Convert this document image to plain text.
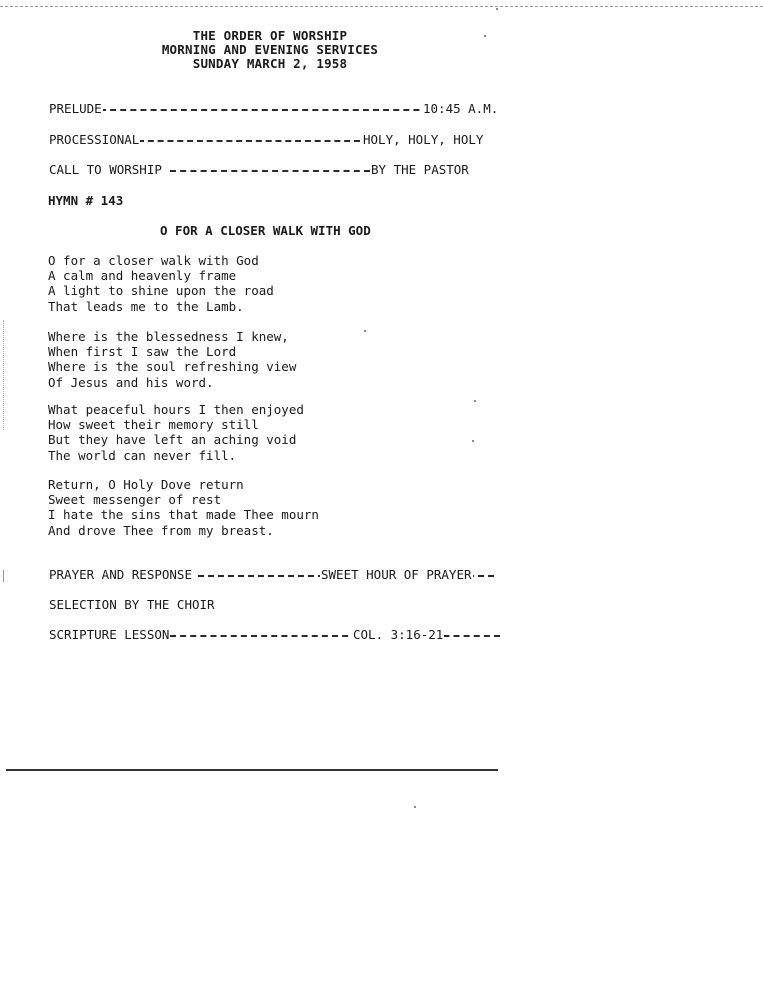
THE ORDER OF WORSHIP
MORNING AND EVENING SERVICES
SUNDAY MARCH 2, 1958
PRELUDE	10:45 A.M.
PROCESSIONAL	HOLY, HOLY, HOLY
CALL TO WORSHIP	BY THE PASTOR
HYMN # 143
O FOR A CLOSER WALK WITH GOD
O for a closer walk with God
A calm and heavenly frame
A light to shine upon the road
That leads me to the Lamb.
Where is the blessedness I knew,
When first I saw the Lord
Where is the soul refreshing view
Of Jesus and his word.
What peaceful hours I then enjoyed
How sweet their memory still
But they have left an aching void
The world can never fill.
Return, O Holy Dove return
Sweet messenger of rest
I hate the sins that made Thee mourn
And drove Thee from my breast.
PRAYER AND RESPONSE	SWEET HOUR OF PRAYER
SELECTION BY THE CHOIR
SCRIPTURE LESSON	COL. 3:16-21
